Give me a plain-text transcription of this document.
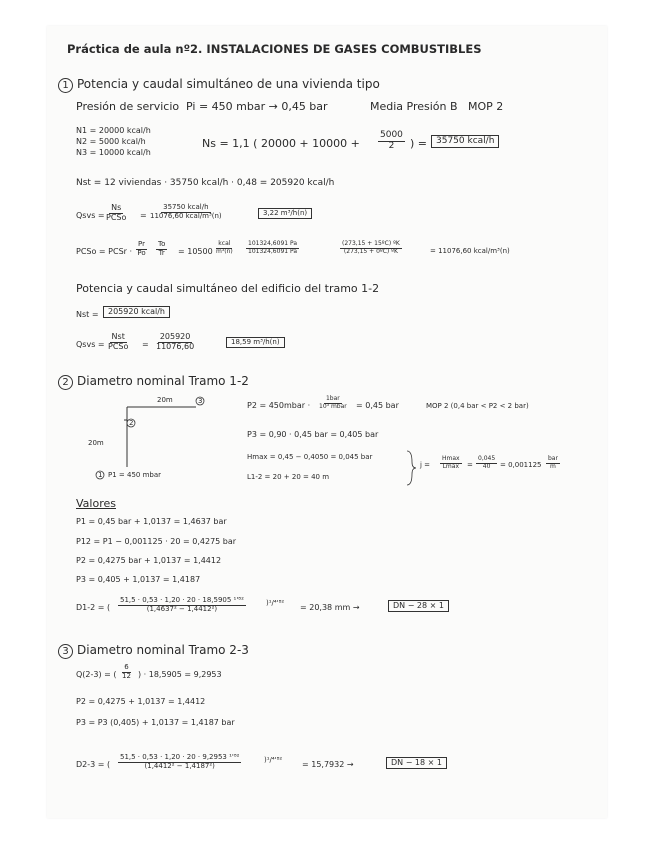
Práctica de aula nº2. INSTALACIONES DE GASES COMBUSTIBLES
1 Potencia y caudal simultáneo de una vivienda tipo
Presión de servicio Pi = 450 mbar → 0,45 bar	Media Presión B MOP 2
N1 = 20000 kcal/h
N2 = 5000 kcal/h
N3 = 10000 kcal/h
Ns = 1,1 ( $20000 + 10000 + \frac{5000}{2}$ ) = 35750 kcal/h
Nst = 12 viviendas · 35750 kcal/h · 0,48 = 205920 kcal/h
Qsvs =
Ns
PCSo =
35750 kcal/h
11076,60 kcal/m³(n)	3,22 m³/h(n)
PCSo = PCSr · $\frac{Pr}{Po} \frac{To}{Tr} = 10500$
kcal
$m^3(n) \frac{101324,6091 Pa}{101324,6091 Pa}$	$\frac{\text{(273,15 + 15ºC) ºK}}{\text{(273,15 + 0ºC) ºK}}$	= 11076,60 kcal/m³(n)
Potencia y caudal simultáneo del edificio del tramo 1-2
Nst =	205920 kcal/h
Qsvs =
Nst
PCSo = $\frac{205920}{11076,60}$	18,59 m³/h(n)
2 Diametro nominal Tramo 1-2
20m	3
2
20m
1 P1 = 450 mbar
P2 = 450mbar ·
1bar
10³ mbar = 0,45 bar	MOP 2 (0,4 bar < P2 < 2 bar)
P3 = 0,90 · 0,45 bar = 0,405 bar
Hmax = 0,45 − 0,4050 = 0,045 bar
L1-2 = 20 + 20 = 40 m
j =
Hmax
$Lmax = \frac{0,045}{40} = 0,001125$
bar
m
Valores
P1 = 0,45 bar + 1,0137 = 1,4637 bar
P12 = P1 − 0,001125 · 20 = 0,4275 bar
P2 = 0,4275 bar + 1,0137 = 1,4412
P3 = 0,405 + 1,0137 = 1,4187
D1-2 = ( $\frac{\text{51,5 · 0,53 · 1,20 · 20 · 18,5905 ¹'⁸²}}{\text{(1,4637² − 1,4412²)}}$	)¹/⁴'⁸² = 20,38 mm →	DN − 28 × 1
3 Diametro nominal Tramo 2-3
Q(2-3) = ( $\frac{6}{12}$ ) · 18,5905 = 9,2953
P2 = 0,4275 + 1,0137 = 1,4412
P3 = P3 (0,405) + 1,0137 = 1,4187 bar
D2-3 = ( $\frac{\text{51,5 · 0,53 · 1,20 · 20 · 9,2953 ¹'⁸²}}{\text{(1,4412² − 1,4187²)}}$	)¹/⁴'⁸² = 15,7932 →	DN − 18 × 1
